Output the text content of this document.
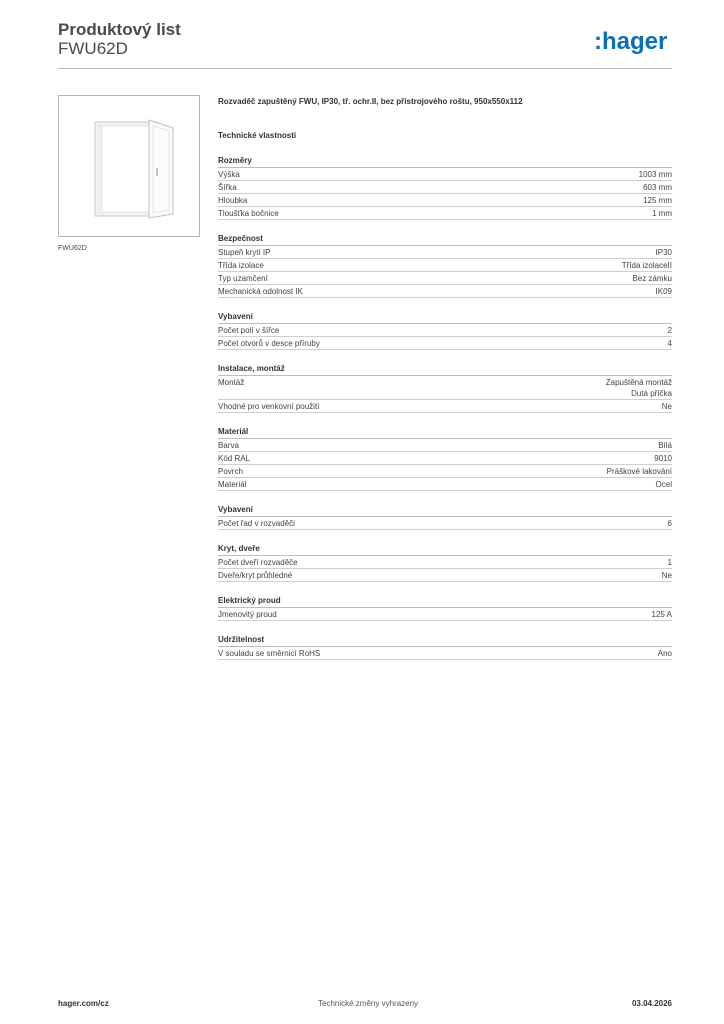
Produktový list
FWU62D	:hager
FWU62D
Rozvaděč zapuštěný FWU, IP30, tř. ochr.II, bez přístrojového roštu, 950x550x112
Technické vlastnosti
Rozměry
Výška	1003 mm
Šířka	603 mm
Hloubka	125 mm
Tloušťka bočnice	1 mm
Bezpečnost
Stupeň krytí IP	IP30
Třída izolace	Třída izolaceII
Typ uzamčení	Bez zámku
Mechanická odolnost IK	IK09
Vybavení
Počet polí v šířce	2
Počet otvorů v desce příruby	4
Instalace, montáž
Montáž	Zapuštěná montáž
Dutá příčka
Vhodné pro venkovní použití	Ne
Materiál
Barva	Bílá
Kód RAL	9010
Povrch	Práškové lakování
Materiál	Ocel
Vybavení
Počet řad v rozvaděči	6
Kryt, dveře
Počet dveří rozvaděče	1
Dveře/kryt průhledné	Ne
Elektrický proud
Jmenovitý proud	125 A
Udržitelnost
V souladu se směrnicí RoHS	Ano
hager.com/cz	Technické změny vyhrazeny	03.04.2026
